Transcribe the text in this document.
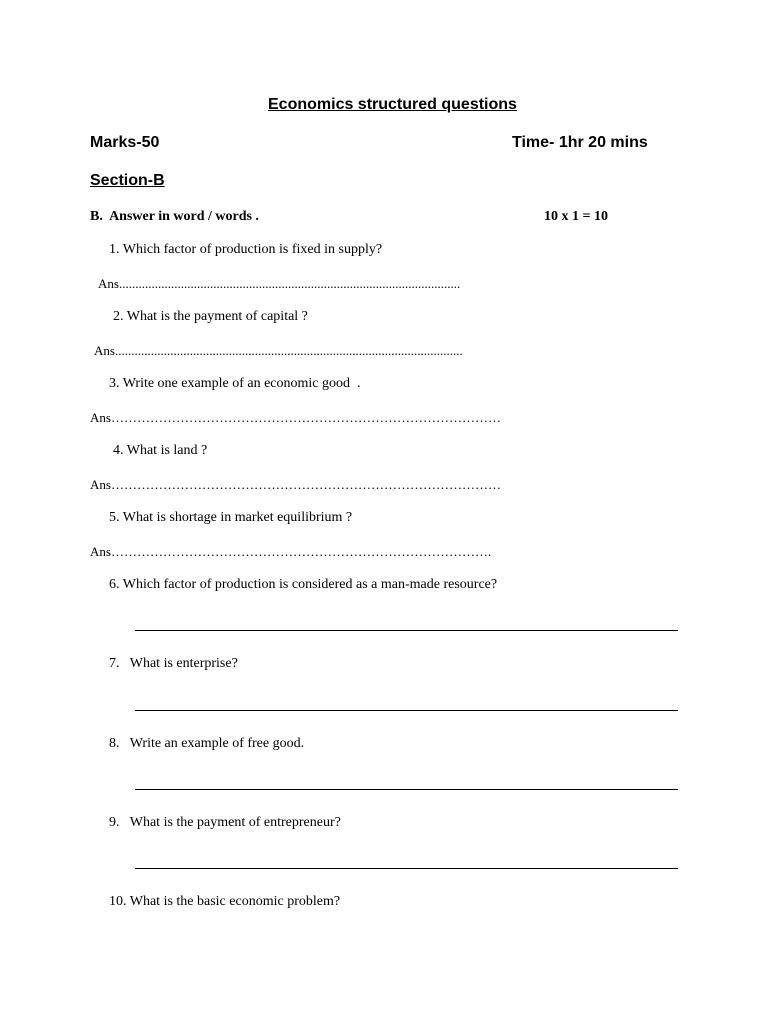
Economics structured questions
Marks-50	Time- 1hr 20 mins
Section-B
B.  Answer in word / words .	10 x 1 = 10
1. Which factor of production is fixed in supply?
Ans.........................................................................................................
2. What is the payment of capital ?
Ans...........................................................................................................
3. Write one example of an economic good  .
Ans………………………………………………………………………………
4. What is land ?
Ans………………………………………………………………………………
5. What is shortage in market equilibrium ?
Ans…………………………………………………………………………….
6. Which factor of production is considered as a man-made resource?
7.   What is enterprise?
8.   Write an example of free good.
9.   What is the payment of entrepreneur?
10. What is the basic economic problem?
